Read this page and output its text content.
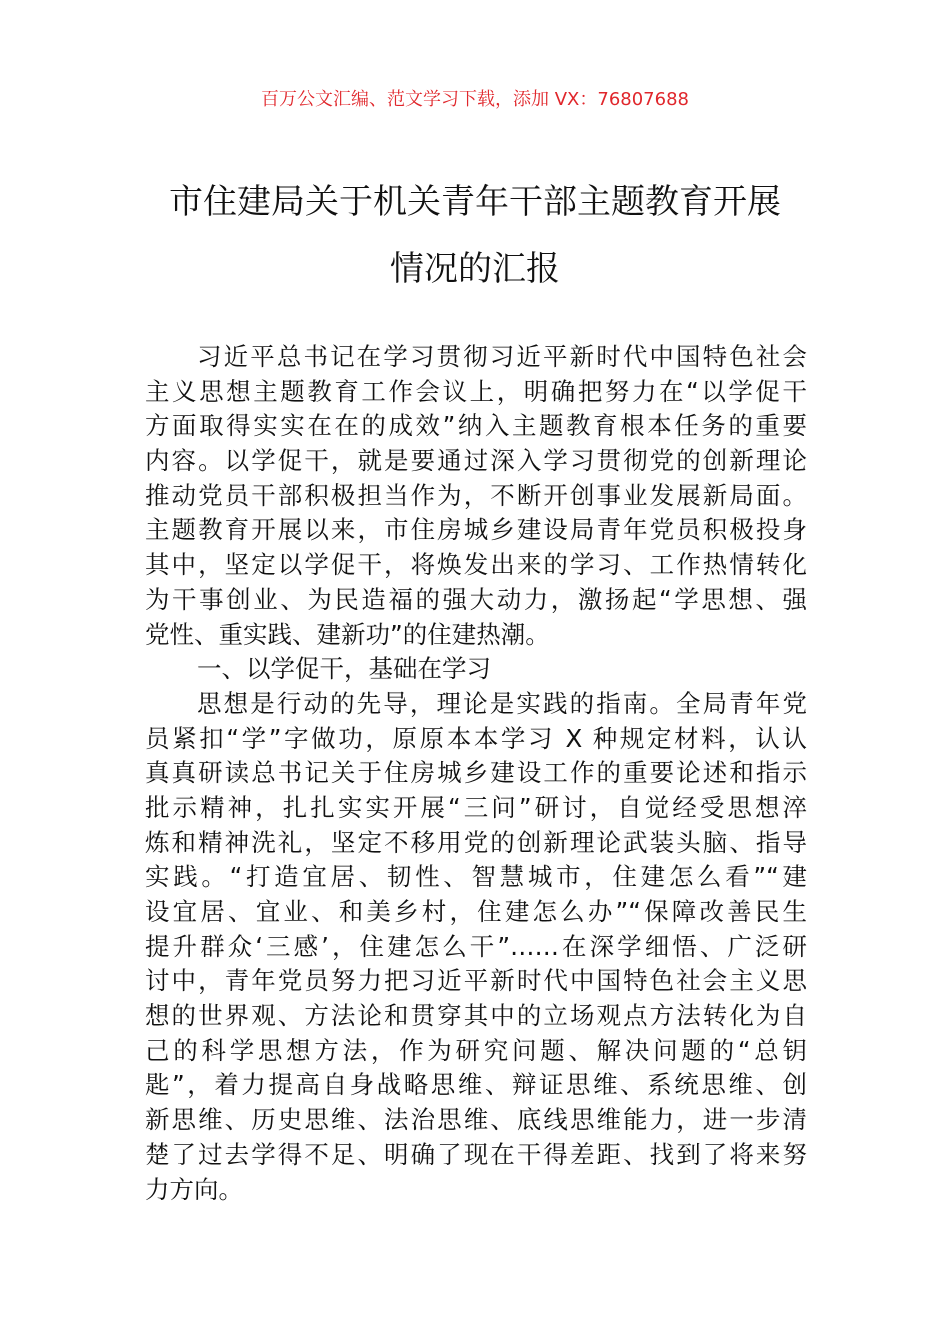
百万公文汇编、范文学习下载，添加 VX：76807688
市住建局关于机关青年干部主题教育开展
情况的汇报
习近平总书记在学习贯彻习近平新时代中国特色社会
主义思想主题教育工作会议上，明确把努力在“以学促干
方面取得实实在在的成效”纳入主题教育根本任务的重要
内容。以学促干，就是要通过深入学习贯彻党的创新理论
推动党员干部积极担当作为，不断开创事业发展新局面。
主题教育开展以来，市住房城乡建设局青年党员积极投身
其中，坚定以学促干，将焕发出来的学习、工作热情转化
为干事创业、为民造福的强大动力，激扬起“学思想、强
党性、重实践、建新功”的住建热潮。
一、以学促干，基础在学习
思想是行动的先导，理论是实践的指南。全局青年党
员紧扣“学”字做功，原原本本学习 X 种规定材料，认认
真真研读总书记关于住房城乡建设工作的重要论述和指示
批示精神，扎扎实实开展“三问”研讨，自觉经受思想淬
炼和精神洗礼，坚定不移用党的创新理论武装头脑、指导
实践。“打造宜居、韧性、智慧城市，住建怎么看”“建
设宜居、宜业、和美乡村，住建怎么办”“保障改善民生
提升群众‘三感’，住建怎么干”……在深学细悟、广泛研
讨中，青年党员努力把习近平新时代中国特色社会主义思
想的世界观、方法论和贯穿其中的立场观点方法转化为自
己的科学思想方法，作为研究问题、解决问题的“总钥
匙”，着力提高自身战略思维、辩证思维、系统思维、创
新思维、历史思维、法治思维、底线思维能力，进一步清
楚了过去学得不足、明确了现在干得差距、找到了将来努
力方向。
